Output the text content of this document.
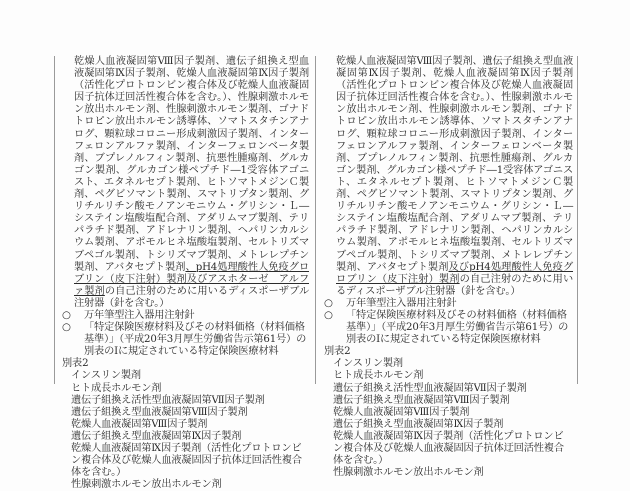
乾燥人血液凝固第Ⅷ因子製剤、遺伝子組換え型血液凝固第Ⅸ因子製剤、乾燥人血液凝固第Ⅸ因子製剤（活性化プロトロンビン複合体及び乾燥人血液凝固因子抗体迂回活性複合体を含む。）、性腺刺激ホルモン放出ホルモン剤、性腺刺激ホルモン製剤、ゴナドトロピン放出ホルモン誘導体、ソマトスタチンアナログ、顆粒球コロニー形成刺激因子製剤、インターフェロンアルファ製剤、インターフェロンベータ製剤、ブプレノルフィン製剤、抗悪性腫瘍剤、グルカゴン製剤、グルカゴン様ペプチド―1受容体アゴニスト、エタネルセプト製剤、ヒトソマトメジンＣ製剤、ペグビソマント製剤、スマトリプタン製剤、グリチルリチン酸モノアンモニウム・グリシン・Ｌ―システイン塩酸塩配合剤、アダリムマブ製剤、テリパラチド製剤、アドレナリン製剤、ヘパリンカルシウム製剤、アポモルヒネ塩酸塩製剤、セルトリズマブペゴル製剤、トシリズマブ製剤、メトレレプチン製剤、アバタセプト製剤、pH4処理酸性人免疫グロブリン（皮下注射）製剤及びアスホターゼ　アルファ製剤の自己注射のために用いるディスポーザブル注射器（針を含む。）

○	万年筆型注入器用注射針
○	「特定保険医療材料及びその材料価格（材料価格基準）」（平成20年3月厚生労働省告示第61号）の別表のⅠに規定されている特定保険医療材料

別表2

インスリン製剤
ヒト成長ホルモン剤
遺伝子組換え活性型血液凝固第Ⅶ因子製剤
遺伝子組換え型血液凝固第Ⅷ因子製剤
乾燥人血液凝固第Ⅷ因子製剤
遺伝子組換え型血液凝固第Ⅸ因子製剤
乾燥人血液凝固第Ⅸ因子製剤（活性化プロトロンビン複合体及び乾燥人血液凝固因子抗体迂回活性複合体を含む。）
性腺刺激ホルモン放出ホルモン剤

乾燥人血液凝固第Ⅷ因子製剤、遺伝子組換え型血液凝固第Ⅸ因子製剤、乾燥人血液凝固第Ⅸ因子製剤（活性化プロトロンビン複合体及び乾燥人血液凝固因子抗体迂回活性複合体を含む。）、性腺刺激ホルモン放出ホルモン剤、性腺刺激ホルモン製剤、ゴナドトロピン放出ホルモン誘導体、ソマトスタチンアナログ、顆粒球コロニー形成刺激因子製剤、インターフェロンアルファ製剤、インターフェロンベータ製剤、ブプレノルフィン製剤、抗悪性腫瘍剤、グルカゴン製剤、グルカゴン様ペプチド―1受容体アゴニスト、エタネルセプト製剤、ヒトソマトメジンＣ製剤、ペグビソマント製剤、スマトリプタン製剤、グリチルリチン酸モノアンモニウム・グリシン・Ｌ―システイン塩酸塩配合剤、アダリムマブ製剤、テリパラチド製剤、アドレナリン製剤、ヘパリンカルシウム製剤、アポモルヒネ塩酸塩製剤、セルトリズマブペゴル製剤、トシリズマブ製剤、メトレレプチン製剤、アバタセプト製剤及びpH4処理酸性人免疫グロブリン（皮下注射）製剤の自己注射のために用いるディスポーザブル注射器（針を含む。）

○	万年筆型注入器用注射針
○	「特定保険医療材料及びその材料価格（材料価格基準）」（平成20年3月厚生労働省告示第61号）の別表のⅠに規定されている特定保険医療材料

別表2

インスリン製剤
ヒト成長ホルモン剤
遺伝子組換え活性型血液凝固第Ⅶ因子製剤
遺伝子組換え型血液凝固第Ⅷ因子製剤
乾燥人血液凝固第Ⅷ因子製剤
遺伝子組換え型血液凝固第Ⅸ因子製剤
乾燥人血液凝固第Ⅸ因子製剤（活性化プロトロンビン複合体及び乾燥人血液凝固因子抗体迂回活性複合体を含む。）
性腺刺激ホルモン放出ホルモン剤
